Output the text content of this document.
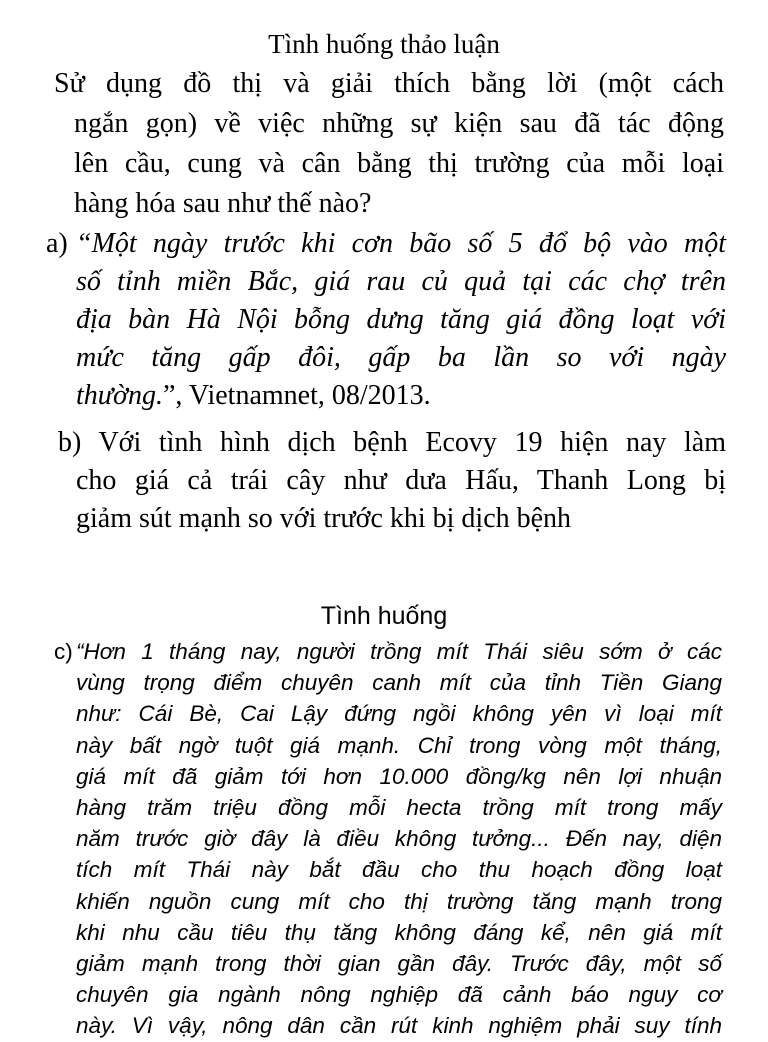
Tình huống thảo luận
Sử dụng đồ thị và giải thích bằng lời (một cách
ngắn gọn) về việc những sự kiện sau đã tác động
lên cầu, cung và cân bằng thị trường của mỗi loại
hàng hóa sau như thế nào?
a) “Một ngày trước khi cơn bão số 5 đổ bộ vào một
số tỉnh miền Bắc, giá rau củ quả tại các chợ trên
địa bàn Hà Nội bỗng dưng tăng giá đồng loạt với
mức tăng gấp đôi, gấp ba lần so với ngày
thường.”, Vietnamnet, 08/2013.
b) Với tình hình dịch bệnh Ecovy 19 hiện nay làm
cho giá cả trái cây như dưa Hấu, Thanh Long bị
giảm sút mạnh so với trước khi bị dịch bệnh
Tình huống
c) “Hơn 1 tháng nay, người trồng mít Thái siêu sớm ở các
vùng trọng điểm chuyên canh mít của tỉnh Tiền Giang
như: Cái Bè, Cai Lậy đứng ngồi không yên vì loại mít
này bất ngờ tuột giá mạnh. Chỉ trong vòng một tháng,
giá mít đã giảm tới hơn 10.000 đồng/kg nên lợi nhuận
hàng trăm triệu đồng mỗi hecta trồng mít trong mấy
năm trước giờ đây là điều không tưởng... Đến nay, diện
tích mít Thái này bắt đầu cho thu hoạch đồng loạt
khiến nguồn cung mít cho thị trường tăng mạnh trong
khi nhu cầu tiêu thụ tăng không đáng kể, nên giá mít
giảm mạnh trong thời gian gần đây. Trước đây, một số
chuyên gia ngành nông nghiệp đã cảnh báo nguy cơ
này. Vì vậy, nông dân cần rút kinh nghiệm phải suy tính
